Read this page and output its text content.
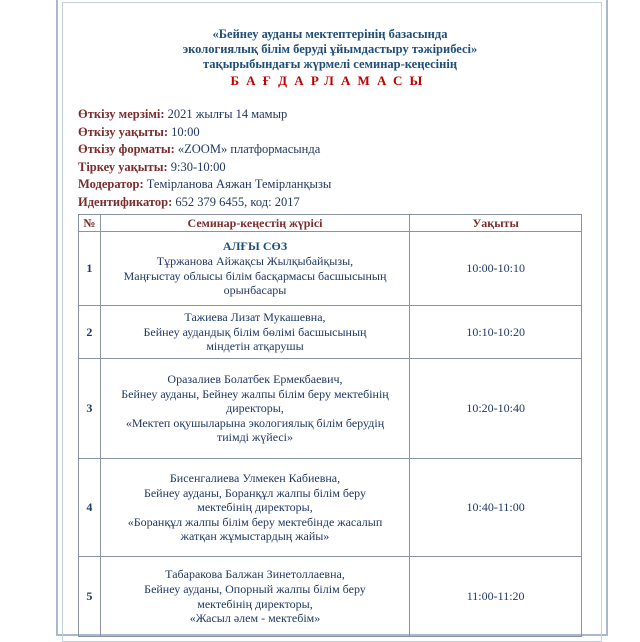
«Бейнеу ауданы мектептерінің базасында
экологиялық білім беруді ұйымдастыру тәжірибесі»
тақырыбындағы жүрмелі семинар-кеңесінің
БАҒДАРЛАМАСЫ
Өткізу мерзімі: 2021 жылғы 14 мамыр
Өткізу уақыты: 10:00
Өткізу форматы: «ZOOM» платформасында
Тіркеу уақыты: 9:30-10:00
Модератор: Темірланова Аяжан Темірланқызы
Идентификатор: 652 379 6455, код: 2017
№	Семинар-кеңестің жүрісі	Уақыты
1	АЛҒЫ СӨЗ
Тұржанова Айжақсы Жылқыбайқызы,
Маңғыстау облысы білім басқармасы басшысының
орынбасары	10:00-10:10
2	Тажиева Лизат Мукашевна,
Бейнеу аудандық білім бөлімі басшысының
міндетін атқарушы	10:10-10:20
3	Оразалиев Болатбек Ермекбаевич,
Бейнеу ауданы, Бейнеу жалпы білім беру мектебінің
директоры,
«Мектеп оқушыларына экологиялық білім берудің
тиімді жүйесі»	10:20-10:40
4	Бисенгалиева Улмекен Кабиевна,
Бейнеу ауданы, Боранқұл жалпы білім беру
мектебінің директоры,
«Боранқұл жалпы білім беру мектебінде жасалып
жатқан жұмыстардың жайы»	10:40-11:00
5	Табаракова Балжан Зинетоллаевна,
Бейнеу ауданы, Опорный жалпы білім беру
мектебінің директоры,
«Жасыл әлем - мектебім»	11:00-11:20
